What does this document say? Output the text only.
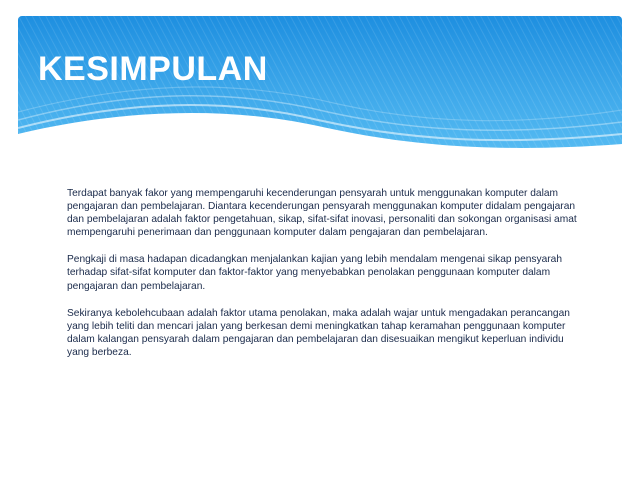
KESIMPULAN

Terdapat banyak fakor yang mempengaruhi kecenderungan pensyarah untuk menggunakan komputer dalam pengajaran dan pembelajaran. Diantara kecenderungan pensyarah menggunakan komputer didalam pengajaran dan pembelajaran adalah faktor pengetahuan, sikap, sifat-sifat inovasi, personaliti dan sokongan organisasi amat mempengaruhi penerimaan dan penggunaan komputer dalam pengajaran dan pembelajaran.

Pengkaji di masa hadapan dicadangkan menjalankan kajian yang lebih mendalam mengenai sikap pensyarah terhadap sifat-sifat komputer dan faktor-faktor yang menyebabkan penolakan penggunaan komputer dalam pengajaran dan pembelajaran.

Sekiranya kebolehcubaan adalah faktor utama penolakan, maka adalah wajar untuk mengadakan perancangan yang lebih teliti dan mencari jalan yang berkesan demi meningkatkan tahap keramahan penggunaan komputer dalam kalangan pensyarah dalam pengajaran dan pembelajaran dan disesuaikan mengikut keperluan individu yang berbeza.
